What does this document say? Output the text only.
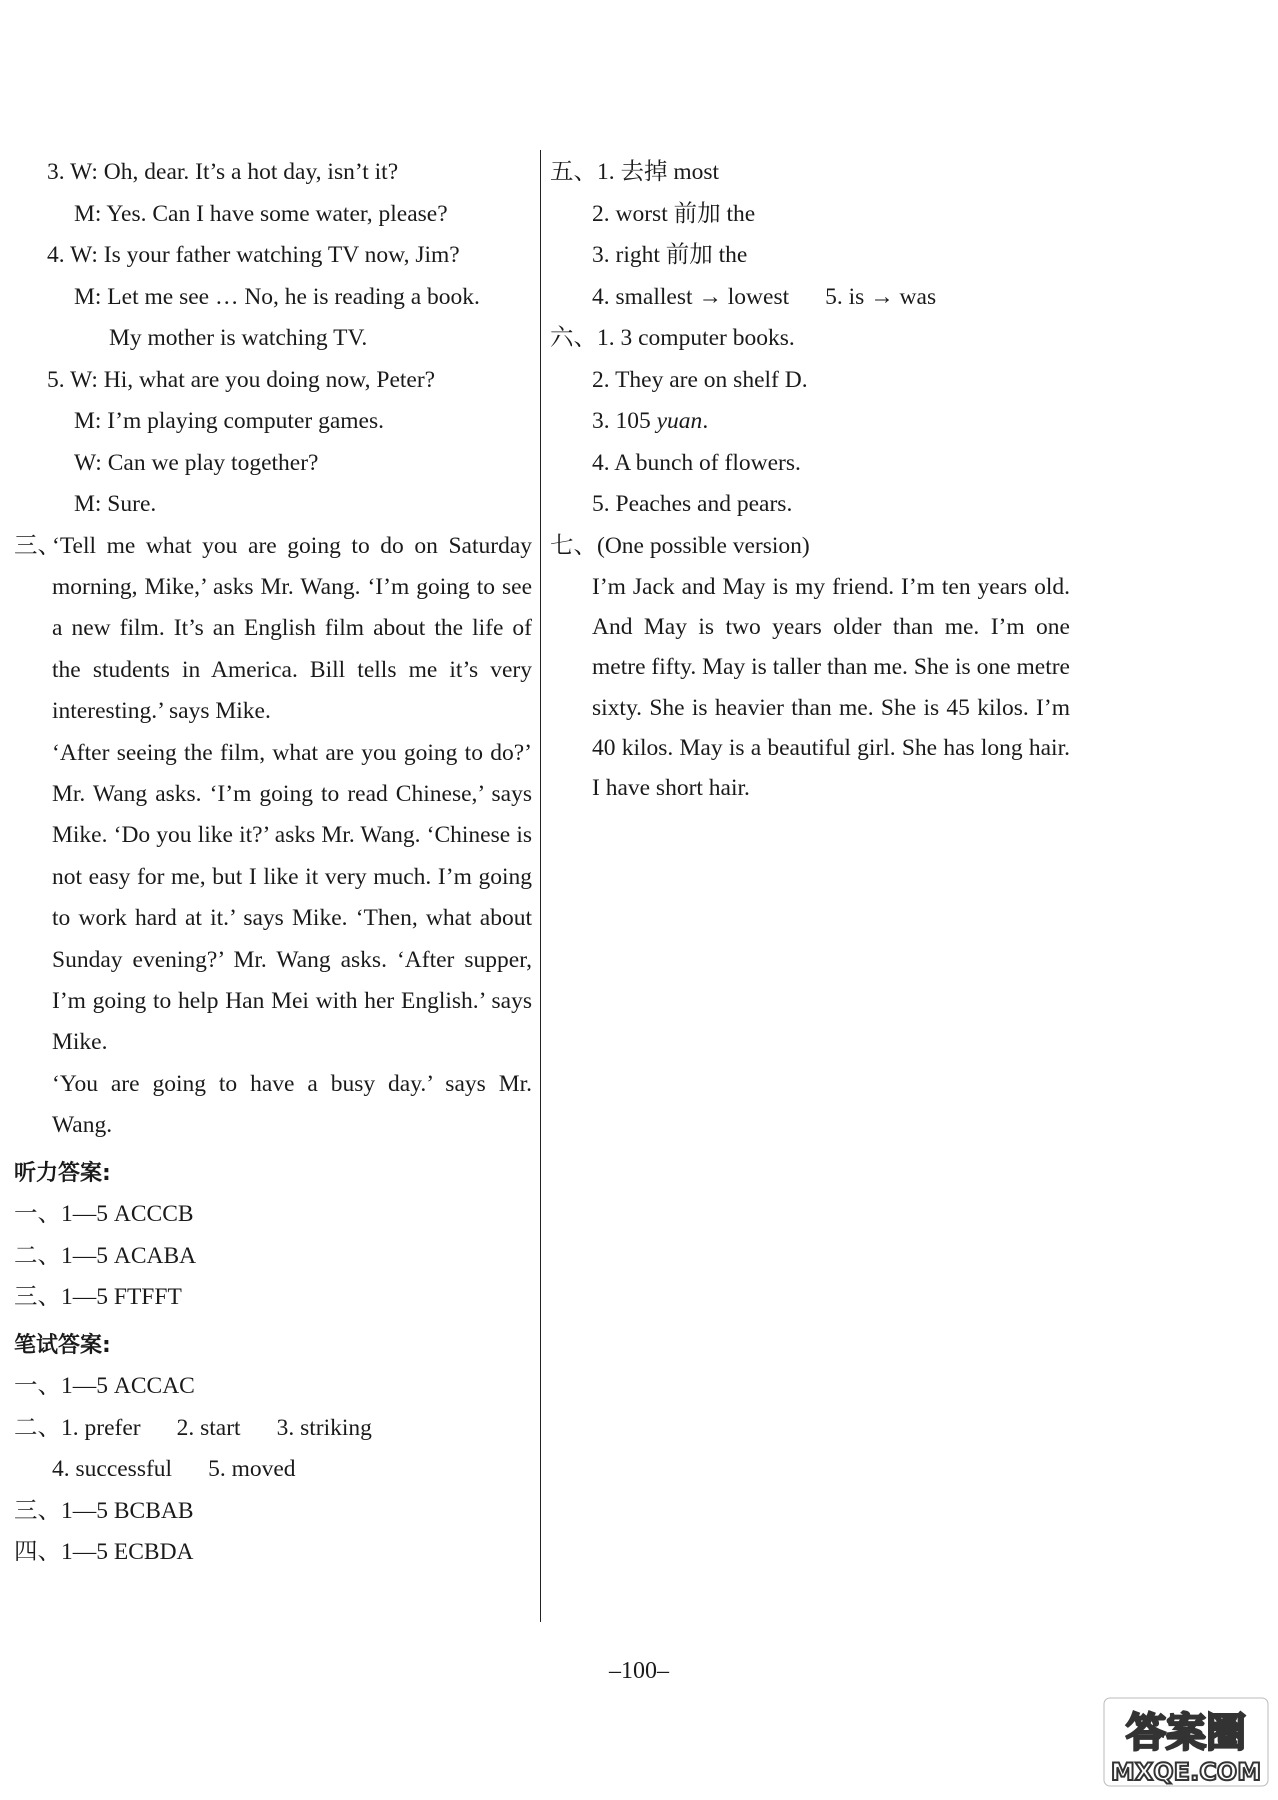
3. W: Oh, dear. It’s a hot day, isn’t it?
M: Yes. Can I have some water, please?
4. W: Is your father watching TV now, Jim?
M: Let me see … No, he is reading a book.
My mother is watching TV.
5. W: Hi, what are you doing now, Peter?
M: I’m playing computer games.
W: Can we play together?
M: Sure.
三、
‘Tell me what you are going to do on Saturday morning, Mike,’ asks Mr. Wang. ‘I’m going to see a new film. It’s an English film about the life of the students in America. Bill tells me it’s very interesting.’ says Mike.
‘After seeing the film, what are you going to do?’ Mr. Wang asks. ‘I’m going to read Chinese,’ says Mike. ‘Do you like it?’ asks Mr. Wang. ‘Chinese is not easy for me, but I like it very much. I’m going to work hard at it.’ says Mike. ‘Then, what about Sunday evening?’ Mr. Wang asks. ‘After supper, I’m going to help Han Mei with her English.’ says Mike.
‘You are going to have a busy day.’ says Mr. Wang.
听力答案:
一、1—5 ACCCB
二、1—5 ACABA
三、1—5 FTFFT
笔试答案:
一、1—5 ACCAC
二、1. prefer 2. start 3. striking
4. successful 5. moved
三、1—5 BCBAB
四、1—5 ECBDA
五、1. 去掉 most
2. worst 前加 the
3. right 前加 the
4. smallest → lowest 5. is → was
六、1. 3 computer books.
2. They are on shelf D.
3. 105 yuan.
4. A bunch of flowers.
5. Peaches and pears.
七、(One possible version)
I’m Jack and May is my friend. I’m ten years old. And May is two years older than me. I’m one metre fifty. May is taller than me. She is one metre sixty. She is heavier than me. She is 45 kilos. I’m 40 kilos. May is a beautiful girl. She has long hair. I have short hair.
–100–
答案圈
MXQE.COM
